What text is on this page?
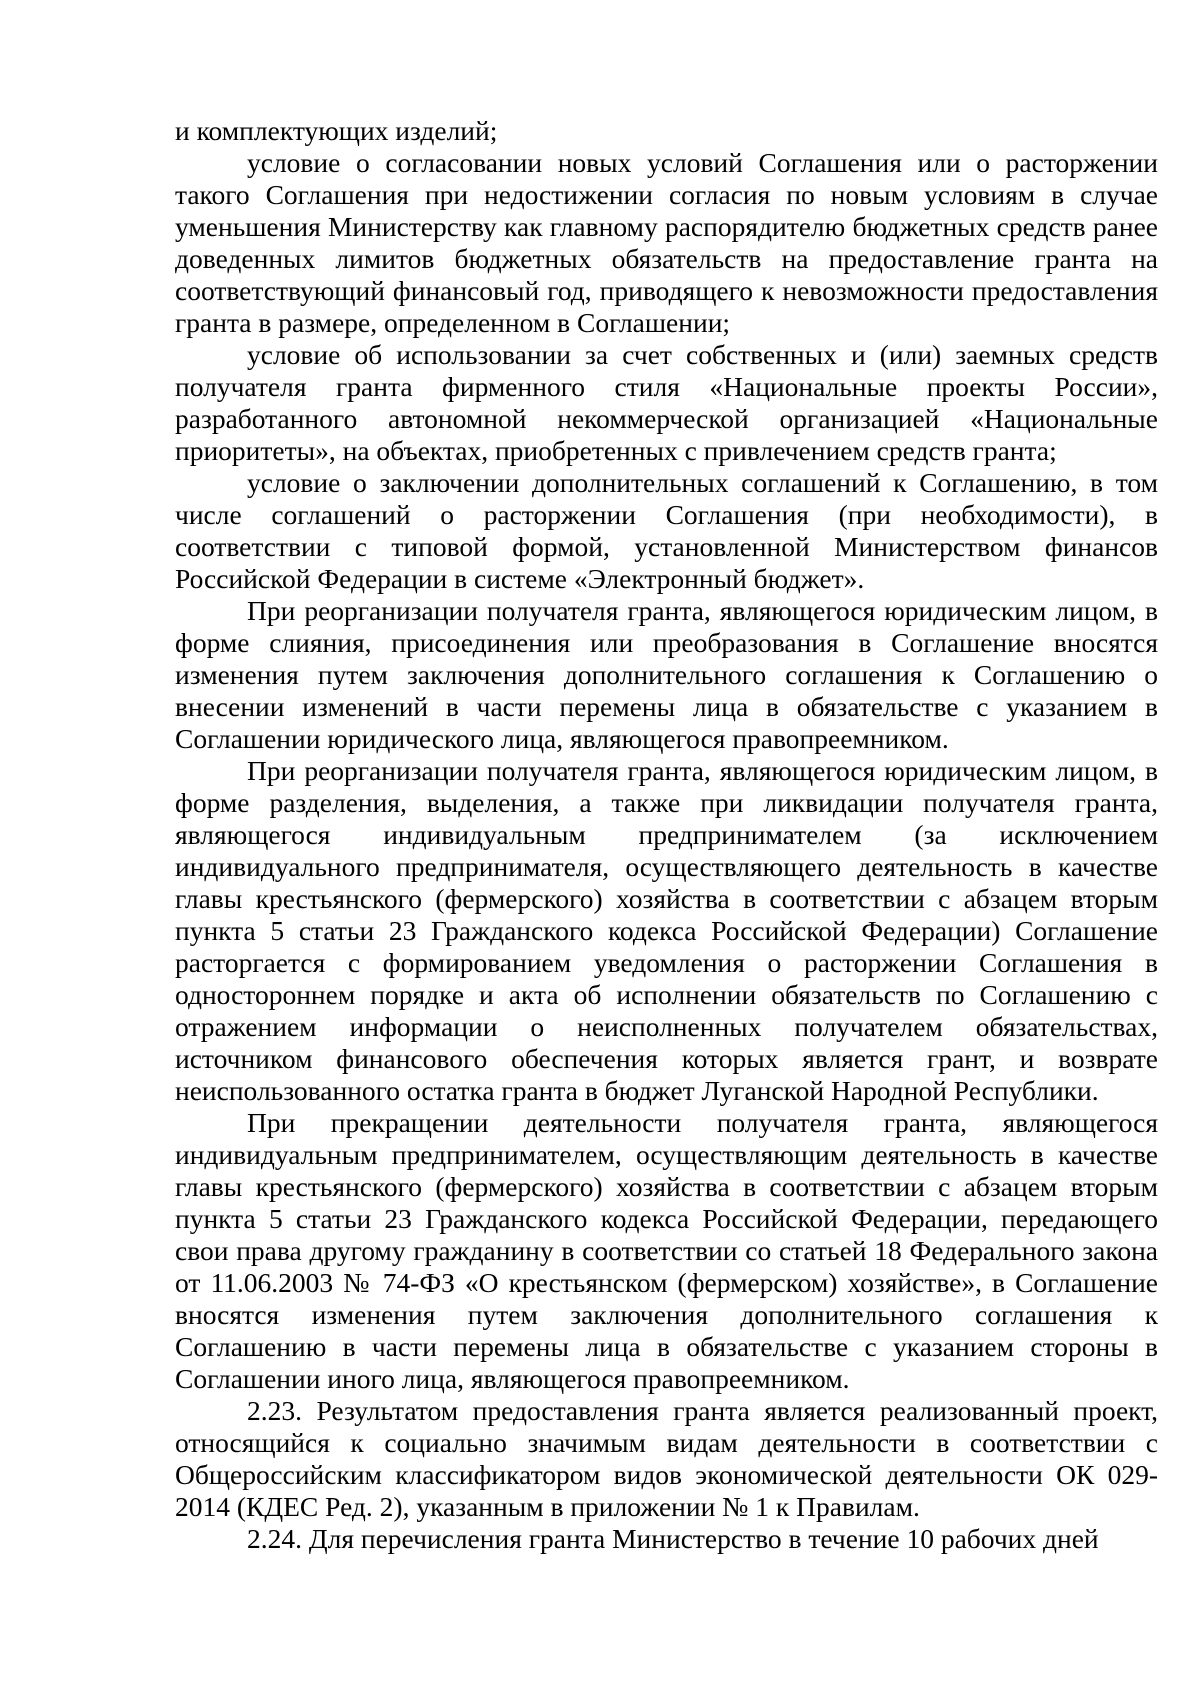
и комплектующих изделий;

условие о согласовании новых условий Соглашения или о расторжении такого Соглашения при недостижении согласия по новым условиям в случае уменьшения Министерству как главному распорядителю бюджетных средств ранее доведенных лимитов бюджетных обязательств на предоставление гранта на соответствующий финансовый год, приводящего к невозможности предоставления гранта в размере, определенном в Соглашении;

условие об использовании за счет собственных и (или) заемных средств получателя гранта фирменного стиля «Национальные проекты России», разработанного автономной некоммерческой организацией «Национальные приоритеты», на объектах, приобретенных с привлечением средств гранта;

условие о заключении дополнительных соглашений к Соглашению, в том числе соглашений о расторжении Соглашения (при необходимости), в соответствии с типовой формой, установленной Министерством финансов Российской Федерации в системе «Электронный бюджет».

При реорганизации получателя гранта, являющегося юридическим лицом, в форме слияния, присоединения или преобразования в Соглашение вносятся изменения путем заключения дополнительного соглашения к Соглашению о внесении изменений в части перемены лица в обязательстве с указанием в Соглашении юридического лица, являющегося правопреемником.

При реорганизации получателя гранта, являющегося юридическим лицом, в форме разделения, выделения, а также при ликвидации получателя гранта, являющегося индивидуальным предпринимателем (за исключением индивидуального предпринимателя, осуществляющего деятельность в качестве главы крестьянского (фермерского) хозяйства в соответствии с абзацем вторым пункта 5 статьи 23 Гражданского кодекса Российской Федерации) Соглашение расторгается с формированием уведомления о расторжении Соглашения в одностороннем порядке и акта об исполнении обязательств по Соглашению с отражением информации о неисполненных получателем обязательствах, источником финансового обеспечения которых является грант, и возврате неиспользованного остатка гранта в бюджет Луганской Народной Республики.

При прекращении деятельности получателя гранта, являющегося индивидуальным предпринимателем, осуществляющим деятельность в качестве главы крестьянского (фермерского) хозяйства в соответствии с абзацем вторым пункта 5 статьи 23 Гражданского кодекса Российской Федерации, передающего свои права другому гражданину в соответствии со статьей 18 Федерального закона от 11.06.2003 № 74-ФЗ «О крестьянском (фермерском) хозяйстве», в Соглашение вносятся изменения путем заключения дополнительного соглашения к Соглашению в части перемены лица в обязательстве с указанием стороны в Соглашении иного лица, являющегося правопреемником.

2.23. Результатом предоставления гранта является реализованный проект, относящийся к социально значимым видам деятельности в соответствии с Общероссийским классификатором видов экономической деятельности ОК 029-2014 (КДЕС Ред. 2), указанным в приложении № 1 к Правилам.

2.24. Для перечисления гранта Министерство в течение 10 рабочих дней
